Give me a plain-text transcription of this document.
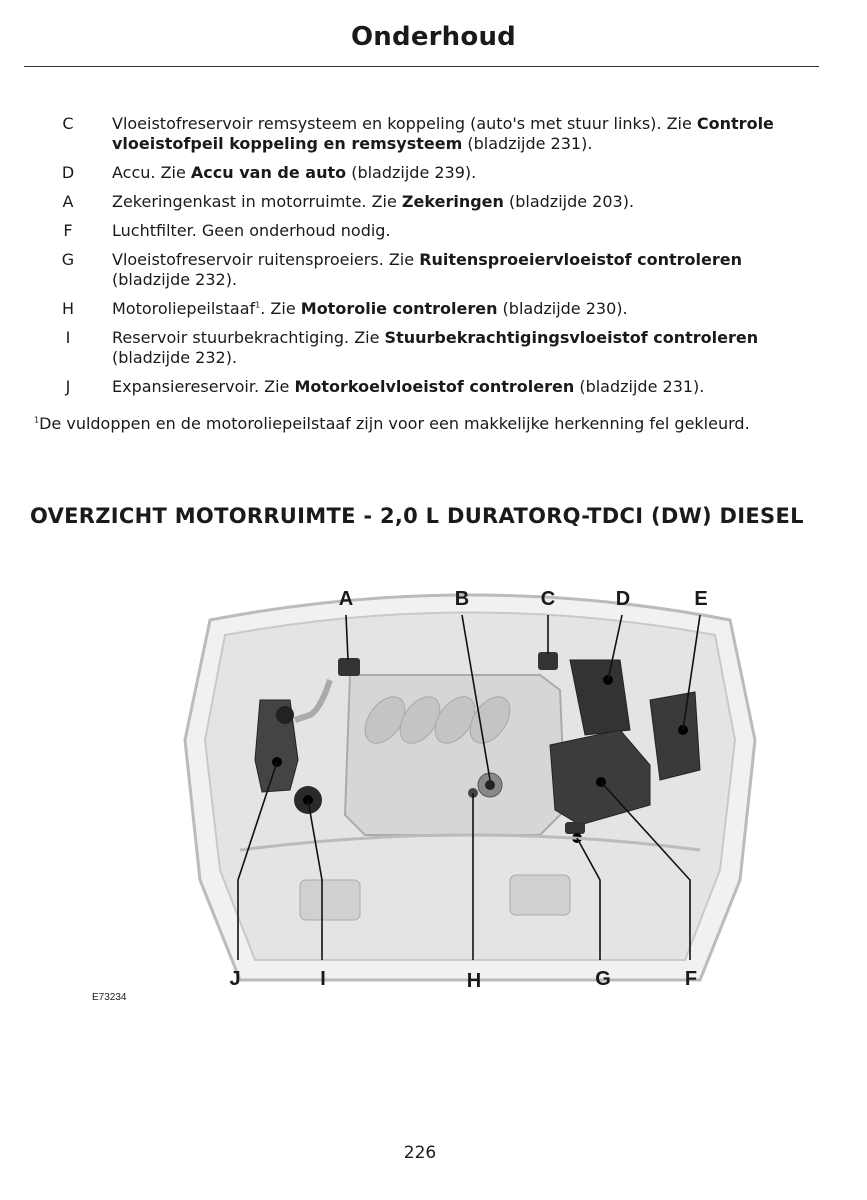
Onderhoud
C	Vloeistofreservoir remsysteem en koppeling (auto's met stuur links). Zie Controle vloeistofpeil koppeling en remsysteem (bladzijde 231).
D	Accu. Zie Accu van de auto (bladzijde 239).
A	Zekeringenkast in motorruimte. Zie Zekeringen (bladzijde 203).
F	Luchtfilter. Geen onderhoud nodig.
G	Vloeistofreservoir ruitensproeiers. Zie Ruitensproeiervloeistof controleren (bladzijde 232).
H	Motoroliepeilstaaf$^1$. Zie Motorolie controleren (bladzijde 230).
I	Reservoir stuurbekrachtiging. Zie Stuurbekrachtigingsvloeistof controleren (bladzijde 232).
J	Expansiereservoir. Zie Motorkoelvloeistof controleren (bladzijde 231).
$^1$De vuldoppen en de motoroliepeilstaaf zijn voor een makkelijke herkenning fel gekleurd.
OVERZICHT MOTORRUIMTE - 2,0 L DURATORQ-TDCI (DW) DIESEL
A	B	C	D	E
J	I	H	G	F
E73234
226
